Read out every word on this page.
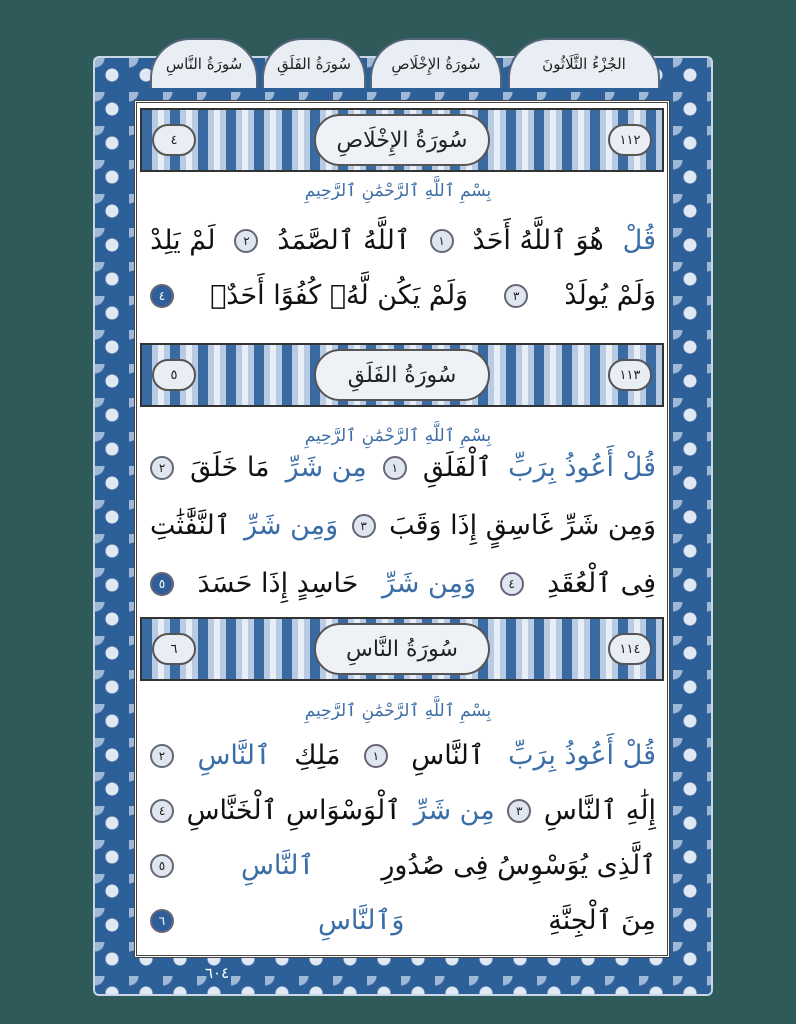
الجُزْءُ الثَّلَاثُونَ
سُورَةُ الإِخْلَاصِ
سُورَةُ الفَلَقِ
سُورَةُ النَّاسِ
٤	سُورَةُ الإِخْلَاصِ	١١٢
بِسْمِ ٱللَّهِ ٱلرَّحْمَٰنِ ٱلرَّحِيمِ
قُلْ
هُوَ ٱللَّهُ أَحَدٌ
١
ٱللَّهُ ٱلصَّمَدُ
٢
لَمْ يَلِدْ
وَلَمْ يُولَدْ
٣
وَلَمْ يَكُن لَّهُۥ كُفُوًا أَحَدٌۢ
٤
٥	سُورَةُ الفَلَقِ	١١٣
بِسْمِ ٱللَّهِ ٱلرَّحْمَٰنِ ٱلرَّحِيمِ
قُلْ أَعُوذُ بِرَبِّ
ٱلْفَلَقِ
١
مِن شَرِّ
مَا خَلَقَ
٢
وَمِن شَرِّ غَاسِقٍ إِذَا وَقَبَ
٣
وَمِن شَرِّ
ٱلنَّفَّٰثَٰتِ
فِى ٱلْعُقَدِ
٤
وَمِن شَرِّ
حَاسِدٍ إِذَا حَسَدَ
٥
٦	سُورَةُ النَّاسِ	١١٤
بِسْمِ ٱللَّهِ ٱلرَّحْمَٰنِ ٱلرَّحِيمِ
قُلْ أَعُوذُ بِرَبِّ
ٱلنَّاسِ
١
مَلِكِ
ٱلنَّاسِ
٢
إِلَٰهِ ٱلنَّاسِ
٣
مِن شَرِّ
ٱلْوَسْوَاسِ ٱلْخَنَّاسِ
٤
ٱلَّذِى يُوَسْوِسُ فِى صُدُورِ
ٱلنَّاسِ
٥
مِنَ ٱلْجِنَّةِ
وَٱلنَّاسِ
٦
٦٠٤
